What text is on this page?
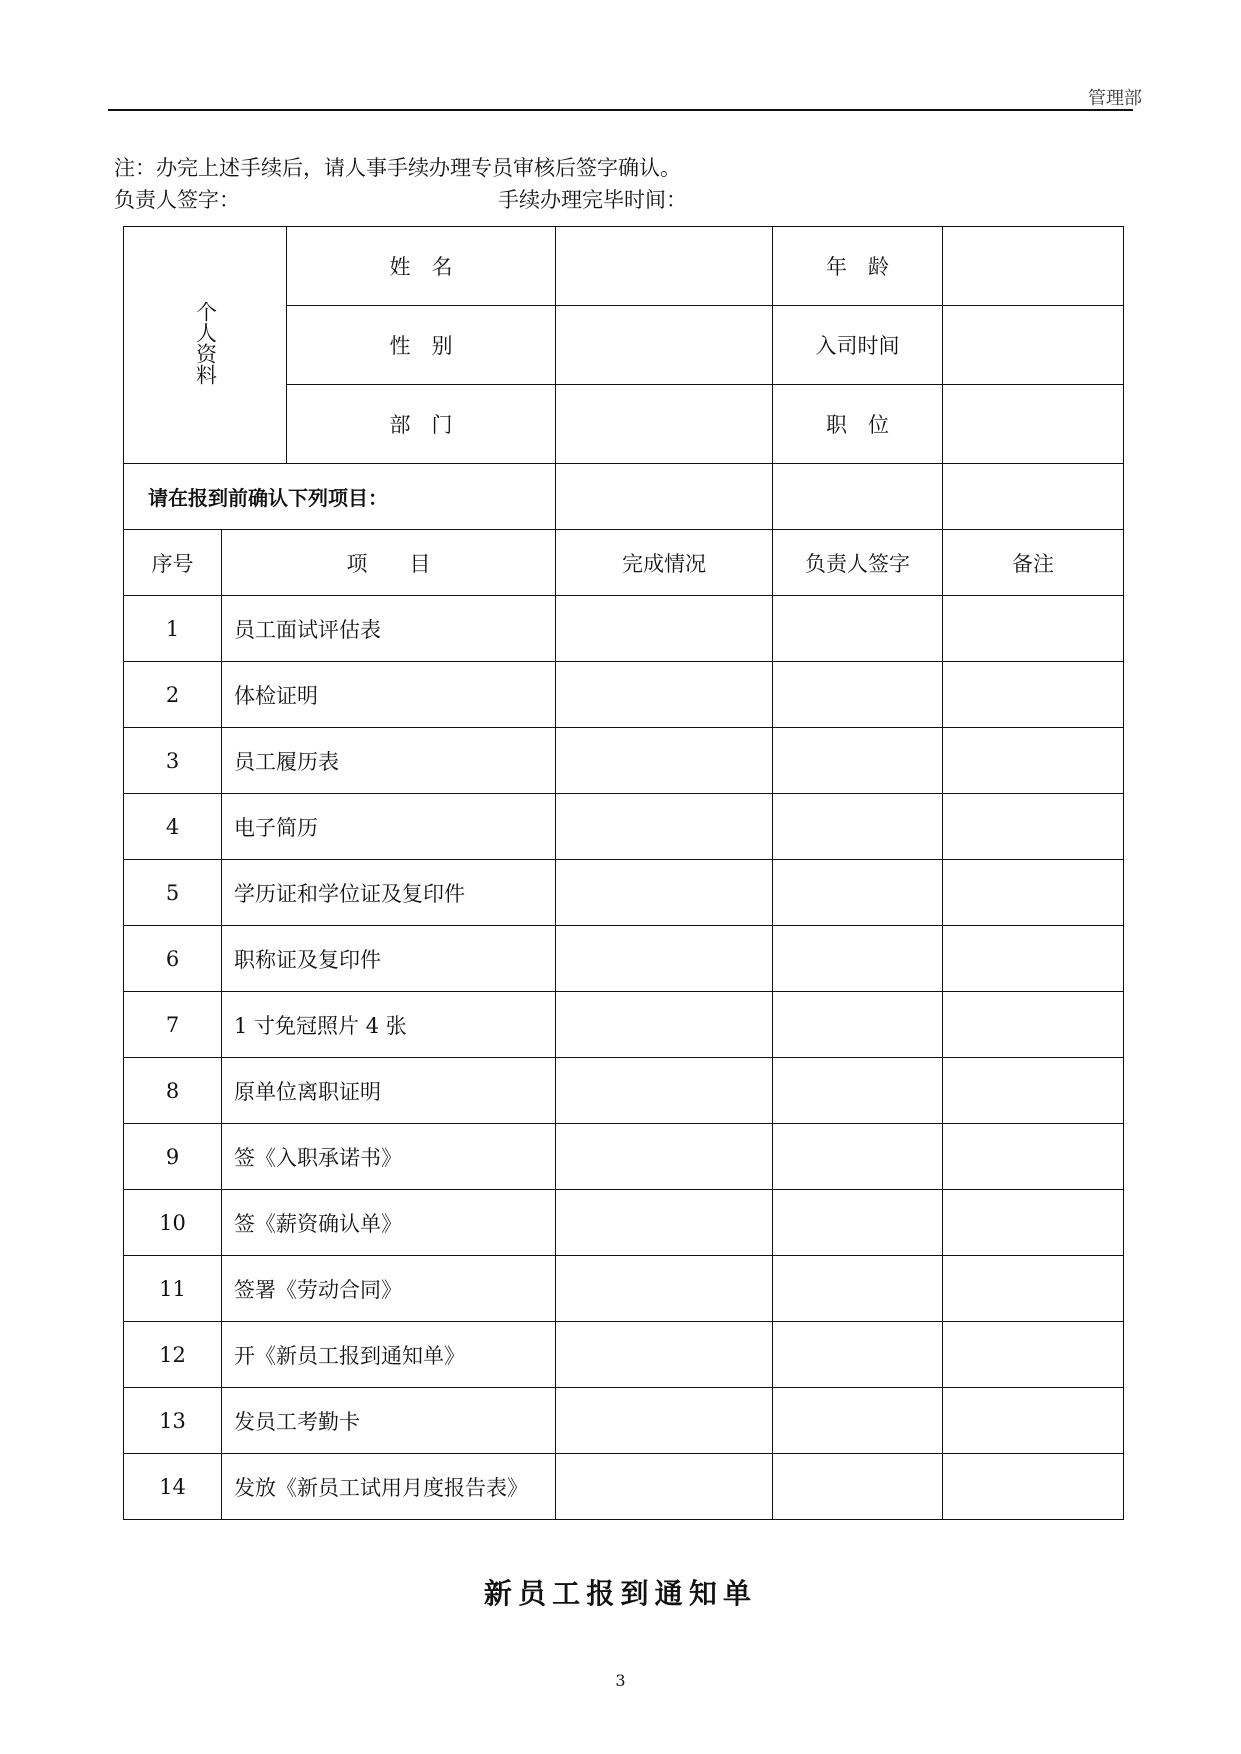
管理部
注：办完上述手续后，请人事手续办理专员审核后签字确认。
负责人签字：	手续办理完毕时间：
个人资料		姓　名		年　龄	
		性　别		入司时间	
		部　门		职　位	
请在报到前确认下列项目：					
序号	项　　目		完成情况	负责人签字	备注
1	员工面试评估表				
2	体检证明				
3	员工履历表				
4	电子简历				
5	学历证和学位证及复印件				
6	职称证及复印件				
7	1 寸免冠照片 4 张				
8	原单位离职证明				
9	签《入职承诺书》				
10	签《薪资确认单》				
11	签署《劳动合同》				
12	开《新员工报到通知单》				
13	发员工考勤卡				
14	发放《新员工试用月度报告表》				
新员工报到通知单
3
